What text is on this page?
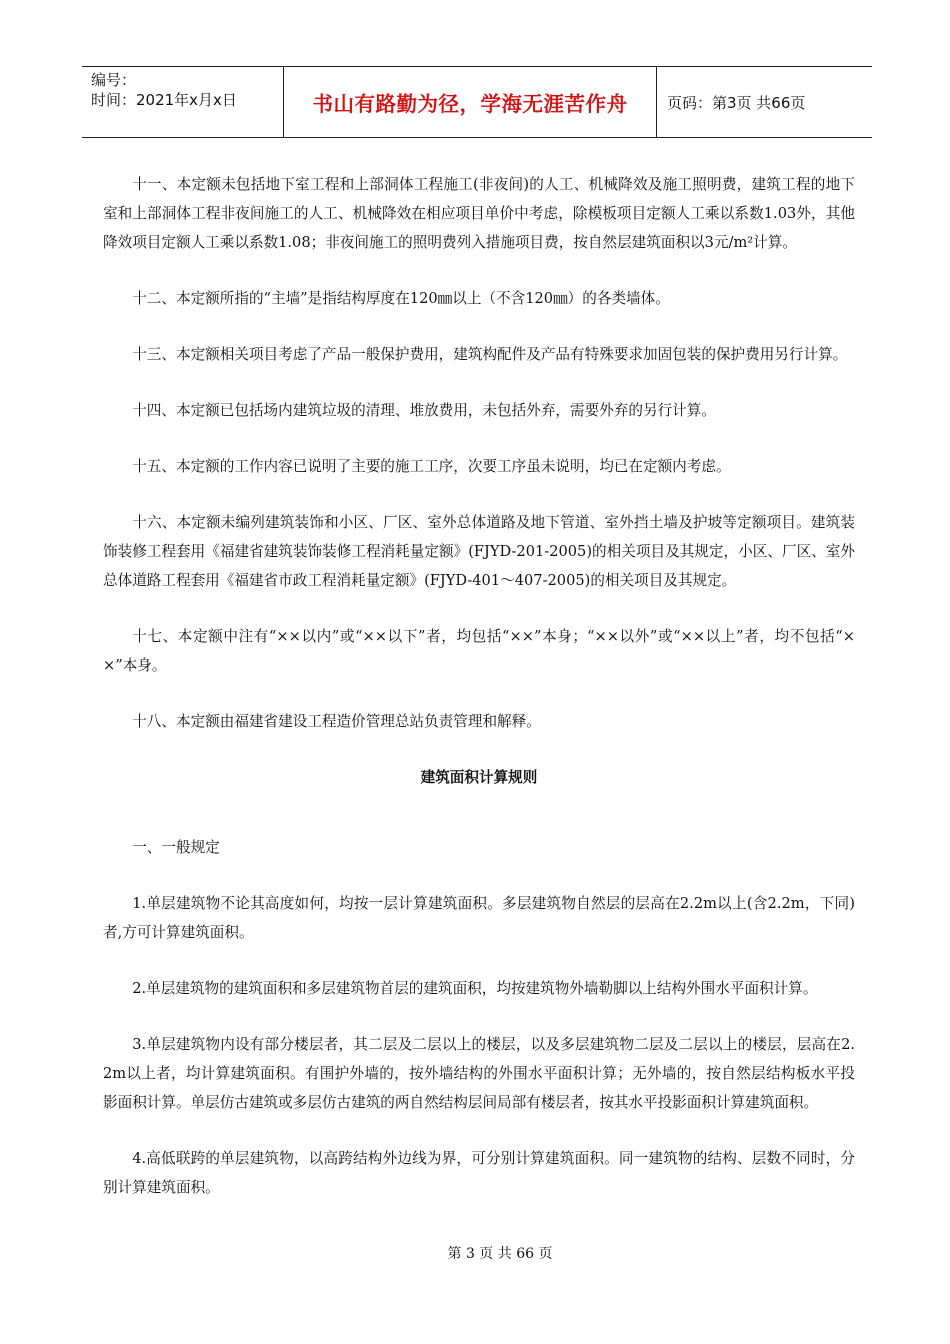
编号：
时间：2021年x月x日	书山有路勤为径，学海无涯苦作舟	页码：第3页 共66页

十一、本定额未包括地下室工程和上部洞体工程施工(非夜间)的人工、机械降效及施工照明费，建筑工程的地下室和上部洞体工程非夜间施工的人工、机械降效在相应项目单价中考虑，除模板项目定额人工乘以系数1.03外，其他降效项目定额人工乘以系数1.08；非夜间施工的照明费列入措施项目费，按自然层建筑面积以3元/m²计算。

十二、本定额所指的“主墙”是指结构厚度在120㎜以上（不含120㎜）的各类墙体。

十三、本定额相关项目考虑了产品一般保护费用，建筑构配件及产品有特殊要求加固包装的保护费用另行计算。

十四、本定额已包括场内建筑垃圾的清理、堆放费用，未包括外弃，需要外弃的另行计算。

十五、本定额的工作内容已说明了主要的施工工序，次要工序虽未说明，均已在定额内考虑。

十六、本定额未编列建筑装饰和小区、厂区、室外总体道路及地下管道、室外挡土墙及护坡等定额项目。建筑装饰装修工程套用《福建省建筑装饰装修工程消耗量定额》(FJYD-201-2005)的相关项目及其规定，小区、厂区、室外总体道路工程套用《福建省市政工程消耗量定额》(FJYD-401～407-2005)的相关项目及其规定。

十七、本定额中注有“××以内”或“××以下”者，均包括“××”本身；“××以外”或“××以上”者，均不包括“××”本身。

十八、本定额由福建省建设工程造价管理总站负责管理和解释。

建筑面积计算规则

一、一般规定

1.单层建筑物不论其高度如何，均按一层计算建筑面积。多层建筑物自然层的层高在2.2m以上(含2.2m，下同)者,方可计算建筑面积。

2.单层建筑物的建筑面积和多层建筑物首层的建筑面积，均按建筑物外墙勒脚以上结构外围水平面积计算。

3.单层建筑物内设有部分楼层者，其二层及二层以上的楼层，以及多层建筑物二层及二层以上的楼层，层高在2.2m以上者，均计算建筑面积。有围护外墙的，按外墙结构的外围水平面积计算；无外墙的，按自然层结构板水平投影面积计算。单层仿古建筑或多层仿古建筑的两自然结构层间局部有楼层者，按其水平投影面积计算建筑面积。

4.高低联跨的单层建筑物，以高跨结构外边线为界，可分别计算建筑面积。同一建筑物的结构、层数不同时，分别计算建筑面积。

第 3 页 共 66 页
